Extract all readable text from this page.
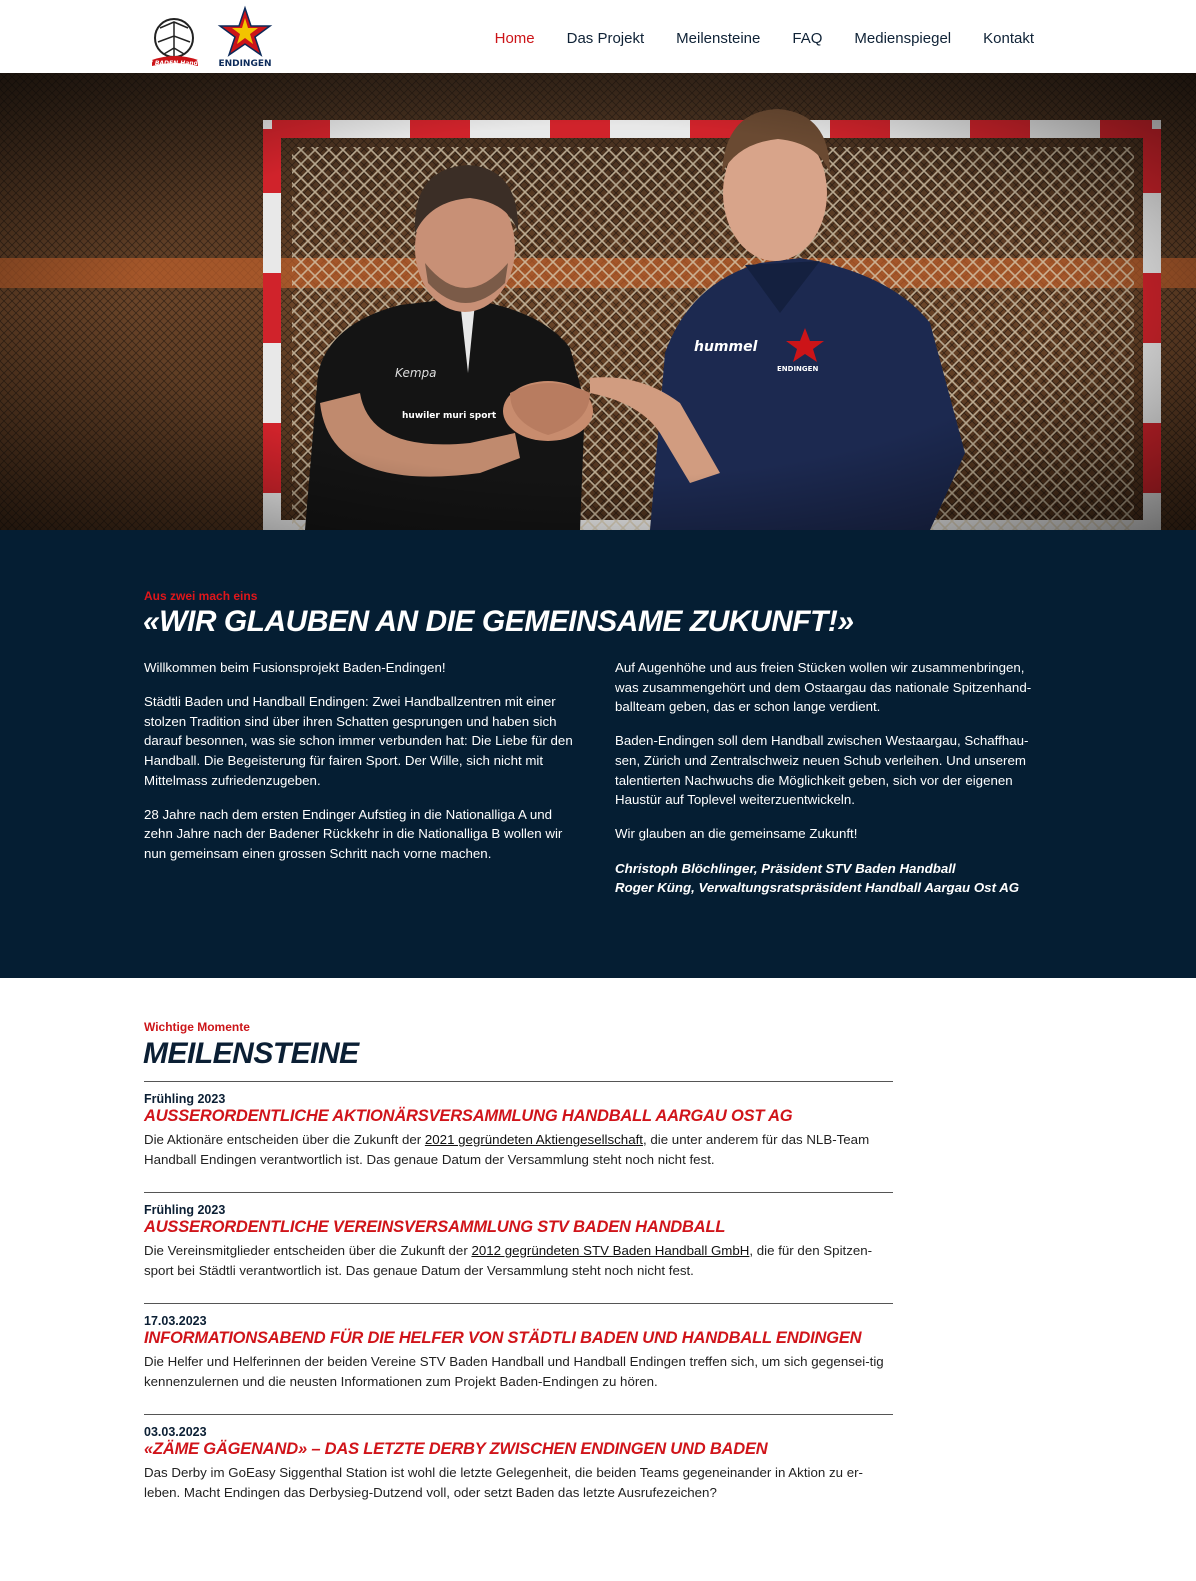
STV BADEN Handball ENDINGEN
Home Das Projekt Meilensteine FAQ Medienspiegel Kontakt
Aus zwei mach eins
«WIR GLAUBEN AN DIE GEMEINSAME ZUKUNFT!»

Willkommen beim Fusionsprojekt Baden-Endingen!

Städtli Baden und Handball Endingen: Zwei Handballzentren mit einer stolzen Tradition sind über ihren Schatten gesprungen und haben sich darauf besonnen, was sie schon immer verbunden hat: Die Liebe für den Handball. Die Begeisterung für fairen Sport. Der Wille, sich nicht mit Mittelmass zufriedenzugeben.

28 Jahre nach dem ersten Endinger Aufstieg in die Nationalliga A und zehn Jahre nach der Badener Rückkehr in die Nationalliga B wollen wir nun gemeinsam einen grossen Schritt nach vorne machen.

Auf Augenhöhe und aus freien Stücken wollen wir zusammenbringen, was zusammengehört und dem Ostaargau das nationale Spitzenhand-ballteam geben, das er schon lange verdient.

Baden-Endingen soll dem Handball zwischen Westaargau, Schaffhau-sen, Zürich und Zentralschweiz neuen Schub verleihen. Und unserem talentierten Nachwuchs die Möglichkeit geben, sich vor der eigenen Haustür auf Toplevel weiterzuentwickeln.

Wir glauben an die gemeinsame Zukunft!

Christoph Blöchlinger, Präsident STV Baden Handball
Roger Küng, Verwaltungsratspräsident Handball Aargau Ost AG
Wichtige Momente
MEILENSTEINE
Frühling 2023
AUSSERORDENTLICHE AKTIONÄRSVERSAMMLUNG HANDBALL AARGAU OST AG

Die Aktionäre entscheiden über die Zukunft der 2021 gegründeten Aktiengesellschaft, die unter anderem für das NLB-Team Handball Endingen verantwortlich ist. Das genaue Datum der Versammlung steht noch nicht fest.

Frühling 2023
AUSSERORDENTLICHE VEREINSVERSAMMLUNG STV BADEN HANDBALL

Die Vereinsmitglieder entscheiden über die Zukunft der 2012 gegründeten STV Baden Handball GmbH, die für den Spitzen-sport bei Städtli verantwortlich ist. Das genaue Datum der Versammlung steht noch nicht fest.

17.03.2023
INFORMATIONSABEND FÜR DIE HELFER VON STÄDTLI BADEN UND HANDBALL ENDINGEN

Die Helfer und Helferinnen der beiden Vereine STV Baden Handball und Handball Endingen treffen sich, um sich gegensei-tig kennenzulernen und die neusten Informationen zum Projekt Baden-Endingen zu hören.

03.03.2023
«ZÄME GÄGENAND» – DAS LETZTE DERBY ZWISCHEN ENDINGEN UND BADEN

Das Derby im GoEasy Siggenthal Station ist wohl die letzte Gelegenheit, die beiden Teams gegeneinander in Aktion zu er-leben. Macht Endingen das Derbysieg-Dutzend voll, oder setzt Baden das letzte Ausrufezeichen?
